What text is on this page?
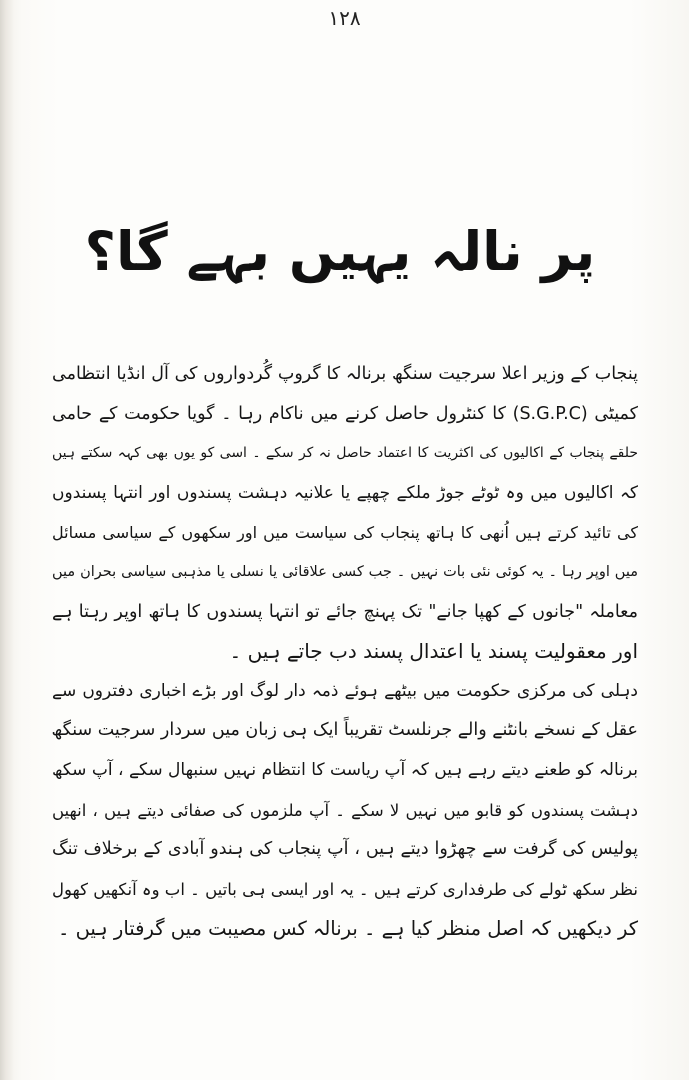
۱۲۸
پر نالہ یہیں بہے گا؟
پنجاب کے وزیر اعلا سرجیت سنگھ برنالہ کا گروپ گُردواروں کی آل انڈیا انتظامی
کمیٹی (S.G.P.C) کا کنٹرول حاصل کرنے میں ناکام رہا ۔ گویا حکومت کے حامی
حلقے پنجاب کے اکالیوں کی اکثریت کا اعتماد حاصل نہ کر سکے ۔ اسی کو یوں بھی کہہ سکتے ہیں
کہ اکالیوں میں وہ ٹوٹے جوڑ ملکے چھپے یا علانیہ دہشت پسندوں اور انتہا پسندوں
کی تائید کرتے ہیں اُنھی کا ہاتھ پنجاب کی سیاست میں اور سکھوں کے سیاسی مسائل
میں اوپر رہا ۔ یہ کوئی نئی بات نہیں ۔ جب کسی علاقائی یا نسلی یا مذہبی سیاسی بحران میں
معاملہ "جانوں کے کھپا جانے" تک پہنچ جائے تو انتہا پسندوں کا ہاتھ اوپر رہتا ہے
اور معقولیت پسند یا اعتدال پسند دب جاتے ہیں ۔
دہلی کی مرکزی حکومت میں بیٹھے ہوئے ذمہ دار لوگ اور بڑے اخباری دفتروں سے
عقل کے نسخے بانٹنے والے جرنلسٹ تقریباً ایک ہی زبان میں سردار سرجیت سنگھ
برنالہ کو طعنے دیتے رہے ہیں کہ آپ ریاست کا انتظام نہیں سنبھال سکے ، آپ سکھ
دہشت پسندوں کو قابو میں نہیں لا سکے ۔ آپ ملزموں کی صفائی دیتے ہیں ، انھیں
پولیس کی گرفت سے چھڑوا دیتے ہیں ، آپ پنجاب کی ہندو آبادی کے برخلاف تنگ
نظر سکھ ٹولے کی طرفداری کرتے ہیں ۔ یہ اور ایسی ہی باتیں ۔ اب وہ آنکھیں کھول
کر دیکھیں کہ اصل منظر کیا ہے ۔ برنالہ کس مصیبت میں گرفتار ہیں ۔
